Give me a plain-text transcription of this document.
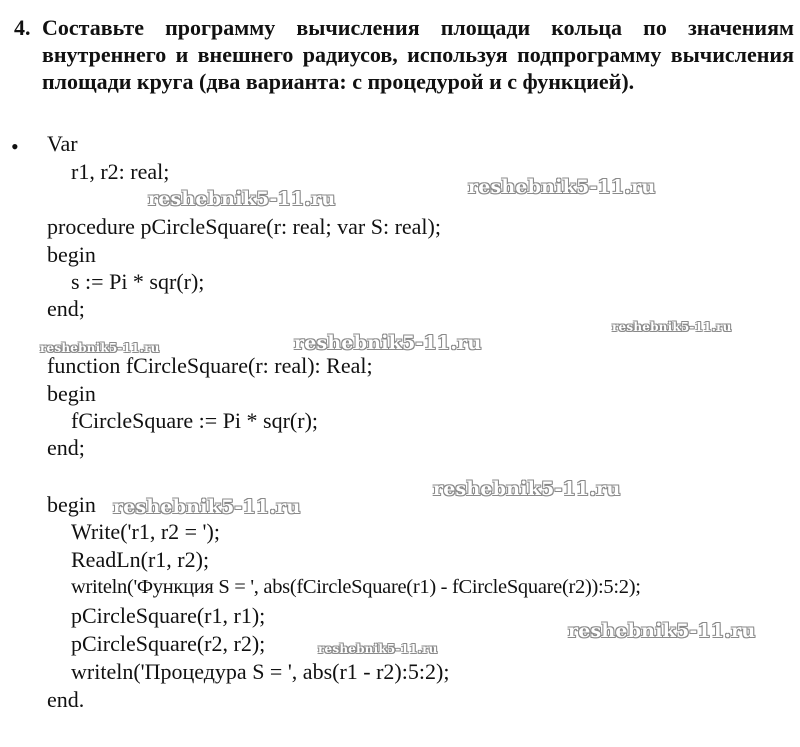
4. Составьте программу вычисления площади кольца по значениям внутреннего и внешнего радиусов, используя подпрограмму вычисления площади круга (два варианта: с процедурой и с функцией).
• Var
r1, r2: real;
procedure pCircleSquare(r: real; var S: real);
begin
s := Pi * sqr(r);
end;
function fCircleSquare(r: real): Real;
begin
fCircleSquare := Pi * sqr(r);
end;
begin
Write('r1, r2 = ');
ReadLn(r1, r2);
writeln('Функция S = ', abs(fCircleSquare(r1) - fCircleSquare(r2)):5:2);
pCircleSquare(r1, r1);
pCircleSquare(r2, r2);
writeln('Процедура S = ', abs(r1 - r2):5:2);
end.
reshebnik5-11.ru
reshebnik5-11.ru
reshebnik5-11.ru
reshebnik5-11.ru	reshebnik5-11.ru
reshebnik5-11.ru
reshebnik5-11.ru
reshebnik5-11.ru
reshebnik5-11.ru
